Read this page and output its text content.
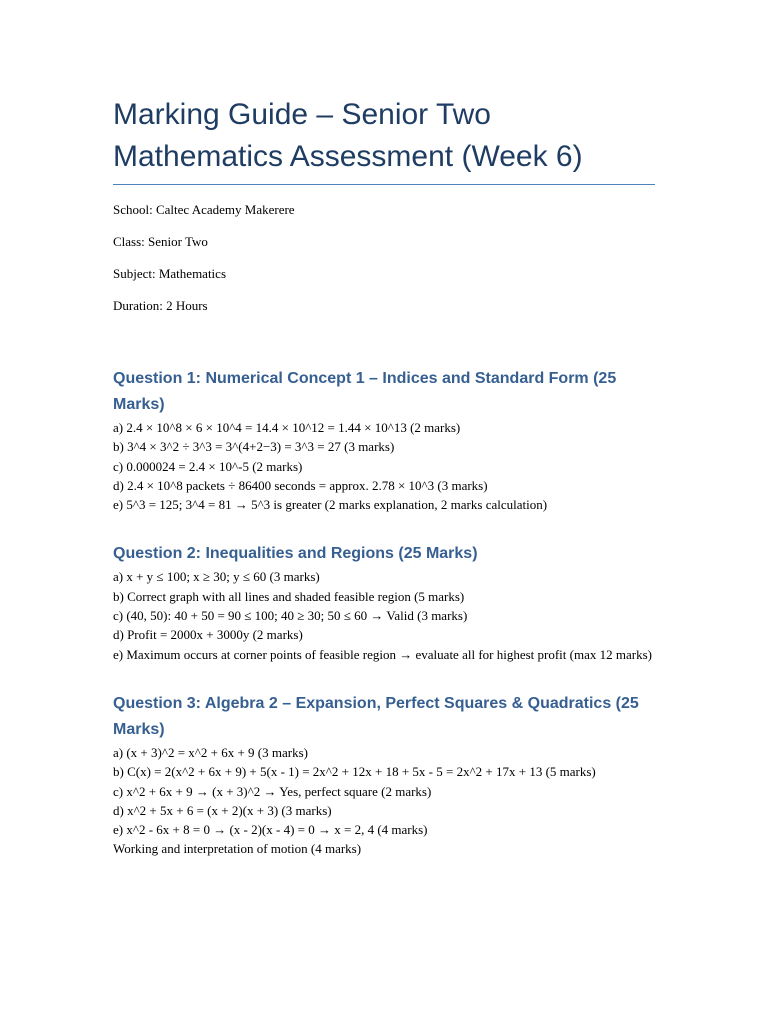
Marking Guide – Senior Two
Mathematics Assessment (Week 6)

School: Caltec Academy Makerere

Class: Senior Two

Subject: Mathematics

Duration: 2 Hours

Question 1: Numerical Concept 1 – Indices and Standard Form (25 Marks)

a) 2.4 × 10^8 × 6 × 10^4 = 14.4 × 10^12 = 1.44 × 10^13 (2 marks)

b) 3^4 × 3^2 ÷ 3^3 = 3^(4+2−3) = 3^3 = 27 (3 marks)

c) 0.000024 = 2.4 × 10^-5 (2 marks)

d) 2.4 × 10^8 packets ÷ 86400 seconds = approx. 2.78 × 10^3 (3 marks)

e) 5^3 = 125; 3^4 = 81 → 5^3 is greater (2 marks explanation, 2 marks calculation)

Question 2: Inequalities and Regions (25 Marks)

a) x + y ≤ 100; x ≥ 30; y ≤ 60 (3 marks)

b) Correct graph with all lines and shaded feasible region (5 marks)

c) (40, 50): 40 + 50 = 90 ≤ 100; 40 ≥ 30; 50 ≤ 60 → Valid (3 marks)

d) Profit = 2000x + 3000y (2 marks)

e) Maximum occurs at corner points of feasible region → evaluate all for highest profit (max 12 marks)

Question 3: Algebra 2 – Expansion, Perfect Squares & Quadratics (25 Marks)

a) (x + 3)^2 = x^2 + 6x + 9 (3 marks)

b) C(x) = 2(x^2 + 6x + 9) + 5(x - 1) = 2x^2 + 12x + 18 + 5x - 5 = 2x^2 + 17x + 13 (5 marks)

c) x^2 + 6x + 9 → (x + 3)^2 → Yes, perfect square (2 marks)

d) x^2 + 5x + 6 = (x + 2)(x + 3) (3 marks)

e) x^2 - 6x + 8 = 0 → (x - 2)(x - 4) = 0 → x = 2, 4 (4 marks)

Working and interpretation of motion (4 marks)
